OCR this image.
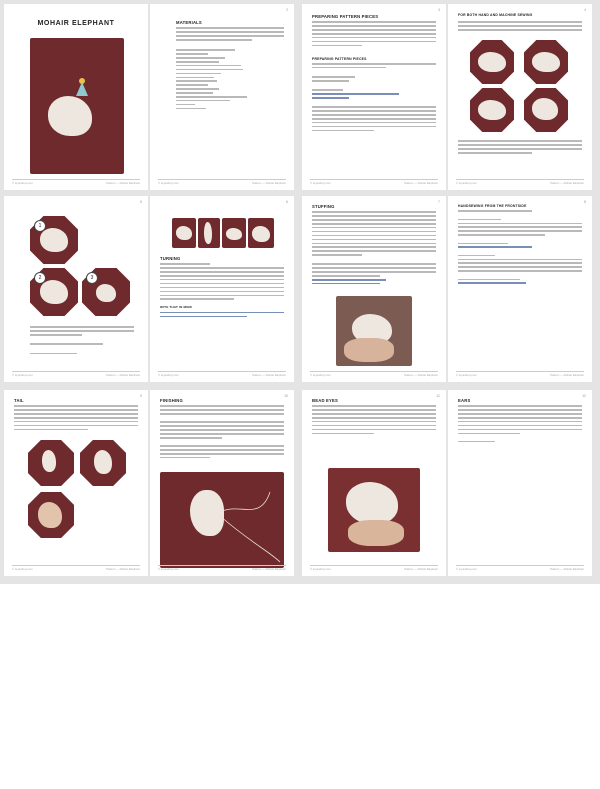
MOHAIR ELEPHANT
© toyandtoy.com	Pattern — Mohair Elephant
2
MATERIALS
© toyandtoy.com	Pattern — Mohair Elephant
3
PREPARING PATTERN PIECES
PREPARING PATTERN PIECES
© toyandtoy.com	Pattern — Mohair Elephant
4
FOR BOTH HAND AND MACHINE SEWING
© toyandtoy.com	Pattern — Mohair Elephant
5
1
2	3
© toyandtoy.com	Pattern — Mohair Elephant
6
TURNING
WITH THAT IN MIND
© toyandtoy.com	Pattern — Mohair Elephant
7
STUFFING
© toyandtoy.com	Pattern — Mohair Elephant
8
HANDSEWING FROM THE FRONTSIDE
© toyandtoy.com	Pattern — Mohair Elephant
9
TAIL
© toyandtoy.com	Pattern — Mohair Elephant
10
FINISHING
© toyandtoy.com	Pattern — Mohair Elephant
11
BEAD EYES
© toyandtoy.com	Pattern — Mohair Elephant
12
EARS
© toyandtoy.com	Pattern — Mohair Elephant
